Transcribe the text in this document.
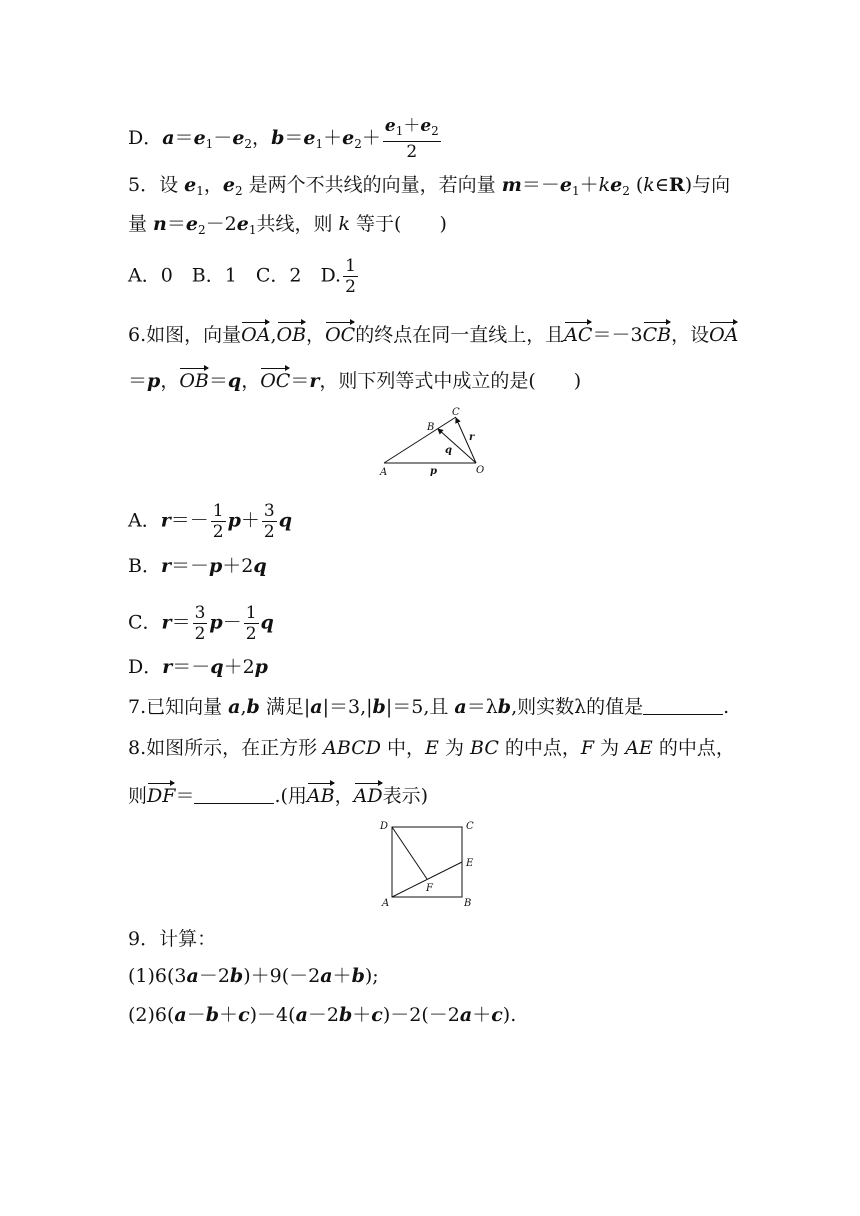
D．$a=e_1-e_2$，$b=e_1+e_2+ \frac{e_1+e_2}{2}$
5．设 $e_1$，$e_2$ 是两个不共线的向量，若向量 $m=-e_1+ke_2$ (k∈R)与向
量 $n=e_2-2e_1$共线，则 k 等于(　　)
A．0　B．1　C．2　D. $\frac{1}{2}$
6.如图，向量OA,OB，OC的终点在同一直线上，且AC＝－3CB，设OA
＝p，OB＝q，OC＝r，则下列等式中成立的是(　　)
A
B
C
O
p
q
r
A．$r=- \frac{1}{2} p+ \frac{3}{2}$ q
B．r＝－p＋2q
C．$r= \frac{3}{2} p- \frac{1}{2}$ q
D．r＝－q＋2p
7.已知向量 a,b 满足|a|＝3,|b|＝5,且 a＝λb,则实数λ的值是	.
8.如图所示，在正方形 ABCD 中，E 为 BC 的中点，F 为 AE 的中点，
则DF＝	.(用AB，AD表示)
D	C
E
F
A	B
9．计算：
(1)6(3a－2b)＋9(－2a＋b);
(2)6(a－b＋c)－4(a－2b＋c)－2(－2a＋c).
